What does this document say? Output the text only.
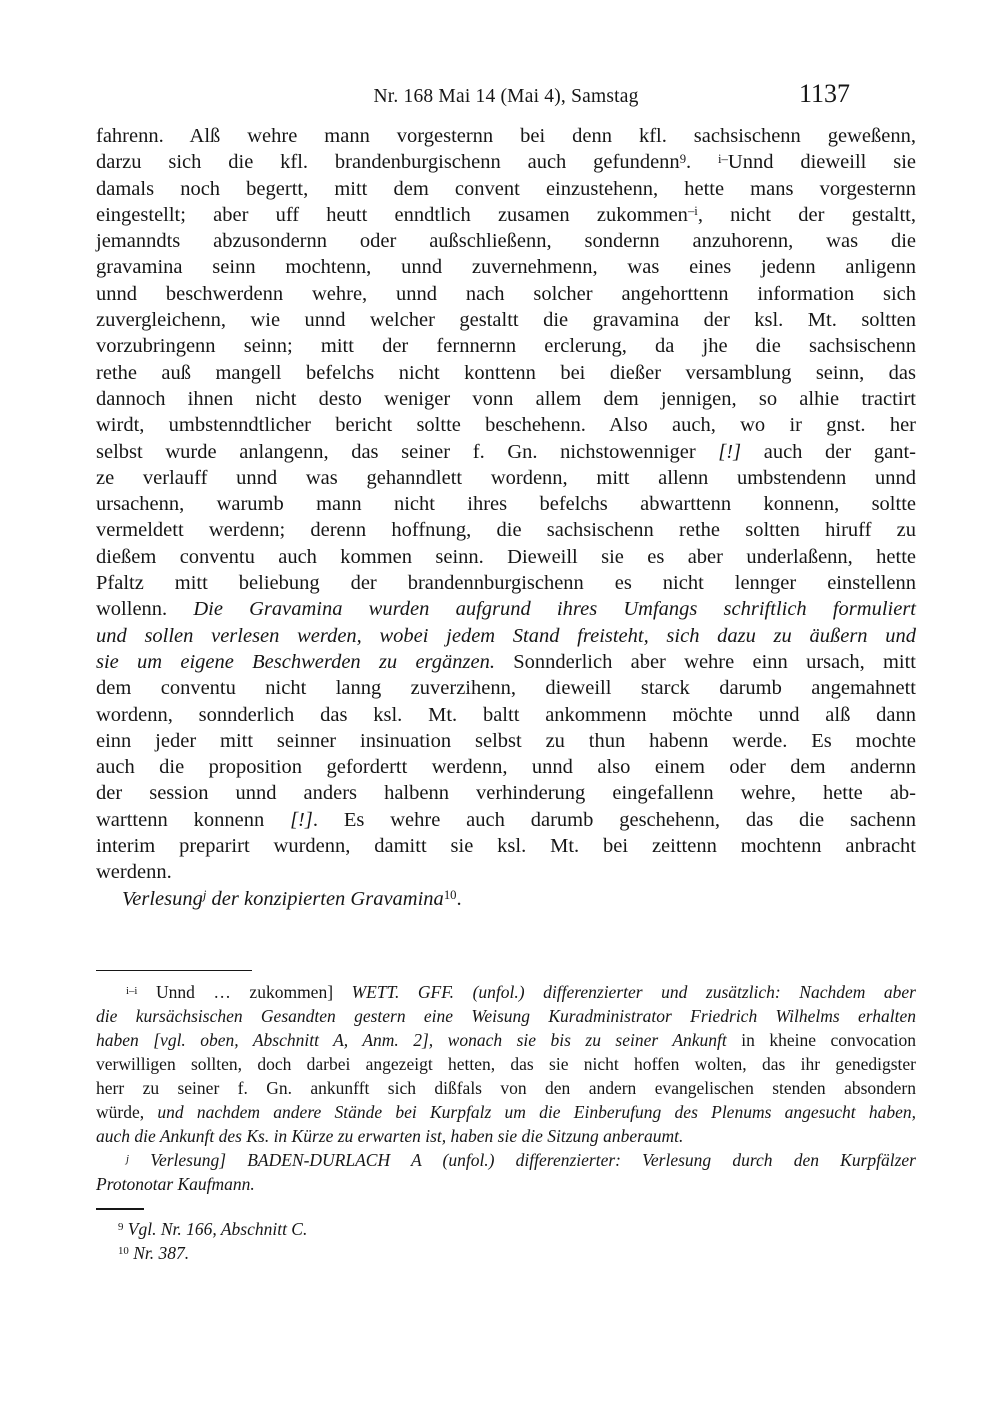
Nr. 168 Mai 14 (Mai 4), Samstag	1137
fahrenn. Alß wehre mann vorgesternn bei denn kfl. sachsischenn geweßenn,
darzu sich die kfl. brandenburgischenn auch gefundenn$^9$. $^{i-}$Unnd dieweill sie
damals noch begertt, mitt dem convent einzustehenn, hette mans vorgesternn
eingestellt; aber uff heutt enndtlich zusamen zukommen$^{-i}$, nicht der gestaltt,
jemanndts abzusondernn oder außschließenn, sondernn anzuhorenn, was die
gravamina seinn mochtenn, unnd zuvernehmenn, was eines jedenn anligenn
unnd beschwerdenn wehre, unnd nach solcher angehorttenn information sich
zuvergleichenn, wie unnd welcher gestaltt die gravamina der ksl. Mt. soltten
vorzubringenn seinn; mitt der fernnernn erclerung, da jhe die sachsischenn
rethe auß mangell befelchs nicht konttenn bei dießer versamblung seinn, das
dannoch ihnen nicht desto weniger vonn allem dem jennigen, so alhie tractirt
wirdt, umbstenndtlicher bericht soltte beschehenn. Also auch, wo ir gnst. her
selbst wurde anlangenn, das seiner f. Gn. nichstowenniger [!] auch der gant-
ze verlauff unnd was gehanndlett wordenn, mitt allenn umbstendenn unnd
ursachenn, warumb mann nicht ihres befelchs abwarttenn konnenn, soltte
vermeldett werdenn; derenn hoffnung, die sachsischenn rethe soltten hiruff zu
dießem conventu auch kommen seinn. Dieweill sie es aber underlaßenn, hette
Pfaltz mitt beliebung der brandennburgischenn es nicht lennger einstellenn
wollenn. Die Gravamina wurden aufgrund ihres Umfangs schriftlich formuliert
und sollen verlesen werden, wobei jedem Stand freisteht, sich dazu zu äußern und
sie um eigene Beschwerden zu ergänzen. Sonnderlich aber wehre einn ursach, mitt
dem conventu nicht lanng zuverzihenn, dieweill starck darumb angemahnett
wordenn, sonnderlich das ksl. Mt. baltt ankommenn möchte unnd alß dann
einn jeder mitt seinner insinuation selbst zu thun habenn werde. Es mochte
auch die proposition gefordertt werdenn, unnd also einem oder dem andernn
der session unnd anders halbenn verhinderung eingefallenn wehre, hette ab-
warttenn konnenn [!]. Es wehre auch darumb geschehenn, das die sachenn
interim preparirt wurdenn, damitt sie ksl. Mt. bei zeittenn mochtenn anbracht
werdenn.
Verlesung$^j$ der konzipierten Gravamina$^{10}$.
$^{i-i}$ Unnd … zukommen] WETT. GFF. (unfol.) differenzierter und zusätzlich: Nachdem aber
die kursächsischen Gesandten gestern eine Weisung Kuradministrator Friedrich Wilhelms erhalten
haben [vgl. oben, Abschnitt A, Anm. 2], wonach sie bis zu seiner Ankunft in kheine convocation
verwilligen sollten, doch darbei angezeigt hetten, das sie nicht hoffen wolten, das ihr genedigster
herr zu seiner f. Gn. ankunfft sich dißfals von den andern evangelischen stenden absondern
würde, und nachdem andere Stände bei Kurpfalz um die Einberufung des Plenums angesucht haben,
auch die Ankunft des Ks. in Kürze zu erwarten ist, haben sie die Sitzung anberaumt.
$^j$ Verlesung] BADEN-DURLACH A (unfol.) differenzierter: Verlesung durch den Kurpfälzer
Protonotar Kaufmann.
$^9$ Vgl. Nr. 166, Abschnitt C.
$^{10}$ Nr. 387.
